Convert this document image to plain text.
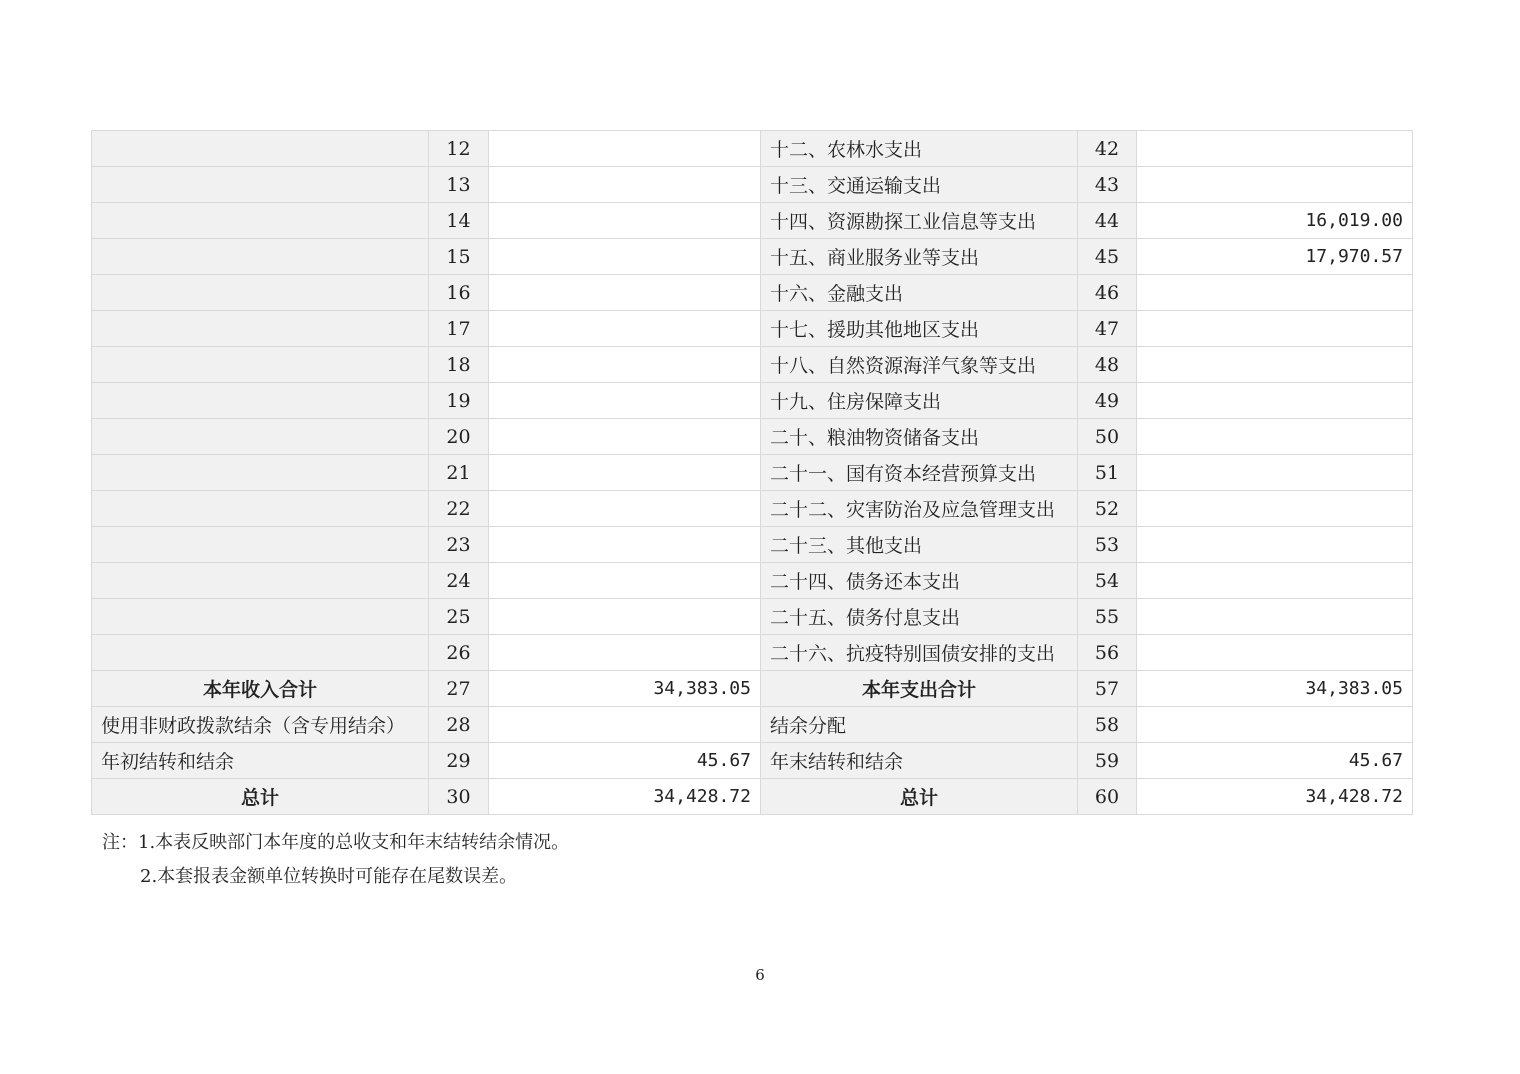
	12		十二、农林水支出	42	
	13		十三、交通运输支出	43	
	14		十四、资源勘探工业信息等支出	44	16,019.00
	15		十五、商业服务业等支出	45	17,970.57
	16		十六、金融支出	46	
	17		十七、援助其他地区支出	47	
	18		十八、自然资源海洋气象等支出	48	
	19		十九、住房保障支出	49	
	20		二十、粮油物资储备支出	50	
	21		二十一、国有资本经营预算支出	51	
	22		二十二、灾害防治及应急管理支出	52	
	23		二十三、其他支出	53	
	24		二十四、债务还本支出	54	
	25		二十五、债务付息支出	55	
	26		二十六、抗疫特别国债安排的支出	56	
本年收入合计	27	34,383.05	本年支出合计	57	34,383.05
使用非财政拨款结余（含专用结余）	28		结余分配	58	
年初结转和结余	29	45.67	年末结转和结余	59	45.67
总计	30	34,428.72	总计	60	34,428.72
注：1.本表反映部门本年度的总收支和年末结转结余情况。
2.本套报表金额单位转换时可能存在尾数误差。
6
